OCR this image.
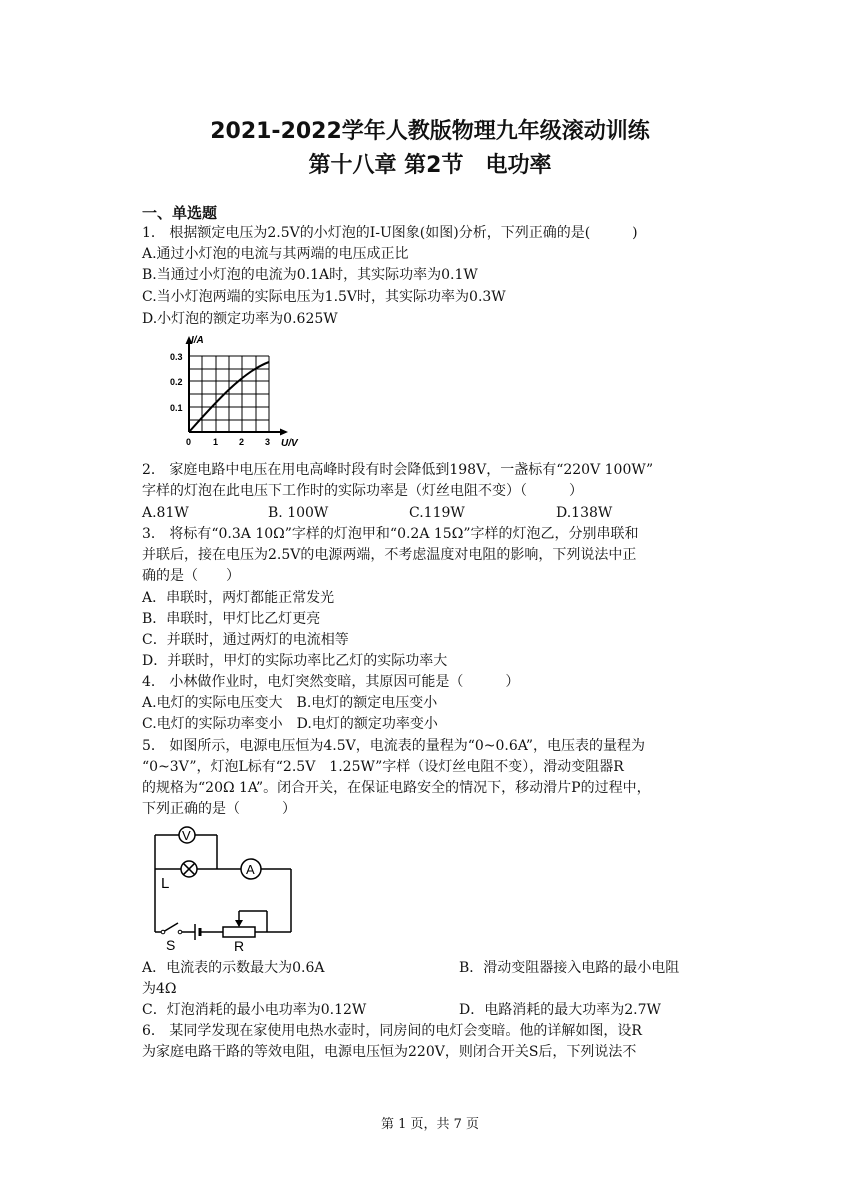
2021-2022学年人教版物理九年级滚动训练
第十八章 第2节　电功率
一、单选题
1． 根据额定电压为2.5V的小灯泡的I-U图象(如图)分析，下列正确的是(　　　)
A.通过小灯泡的电流与其两端的电压成正比
B.当通过小灯泡的电流为0.1A时，其实际功率为0.1W
C.当小灯泡两端的实际电压为1.5V时，其实际功率为0.3W
D.小灯泡的额定功率为0.625W
I/A
U/V
0.3
0.2
0.1
0 1 2 3
2． 家庭电路中电压在用电高峰时段有时会降低到198V，一盏标有“220V 100W”
字样的灯泡在此电压下工作时的实际功率是（灯丝电阻不变）（　　　）
A.81W	B. 100W	C.119W	D.138W
3． 将标有“0.3A 10Ω”字样的灯泡甲和“0.2A 15Ω”字样的灯泡乙，分别串联和
并联后，接在电压为2.5V的电源两端，不考虑温度对电阻的影响，下列说法中正
确的是（　　）
A．串联时，两灯都能正常发光
B．串联时，甲灯比乙灯更亮
C．并联时，通过两灯的电流相等
D．并联时，甲灯的实际功率比乙灯的实际功率大
4． 小林做作业时，电灯突然变暗，其原因可能是（　　　）
A.电灯的实际电压变大　B.电灯的额定电压变小
C.电灯的实际功率变小　D.电灯的额定功率变小
5． 如图所示，电源电压恒为4.5V，电流表的量程为“0~0.6A”，电压表的量程为
“0~3V”，灯泡L标有“2.5V　1.25W”字样（设灯丝电阻不变），滑动变阻器R
的规格为“20Ω 1A”。闭合开关，在保证电路安全的情况下，移动滑片P的过程中，
下列正确的是（　　　）
V
A
L
S	R
A．电流表的示数最大为0.6A	B．滑动变阻器接入电路的最小电阻
为4Ω
C．灯泡消耗的最小电功率为0.12W	D．电路消耗的最大功率为2.7W
6． 某同学发现在家使用电热水壶时，同房间的电灯会变暗。他的详解如图，设R
为家庭电路干路的等效电阻，电源电压恒为220V，则闭合开关S后，下列说法不
第 1 页，共 7 页
